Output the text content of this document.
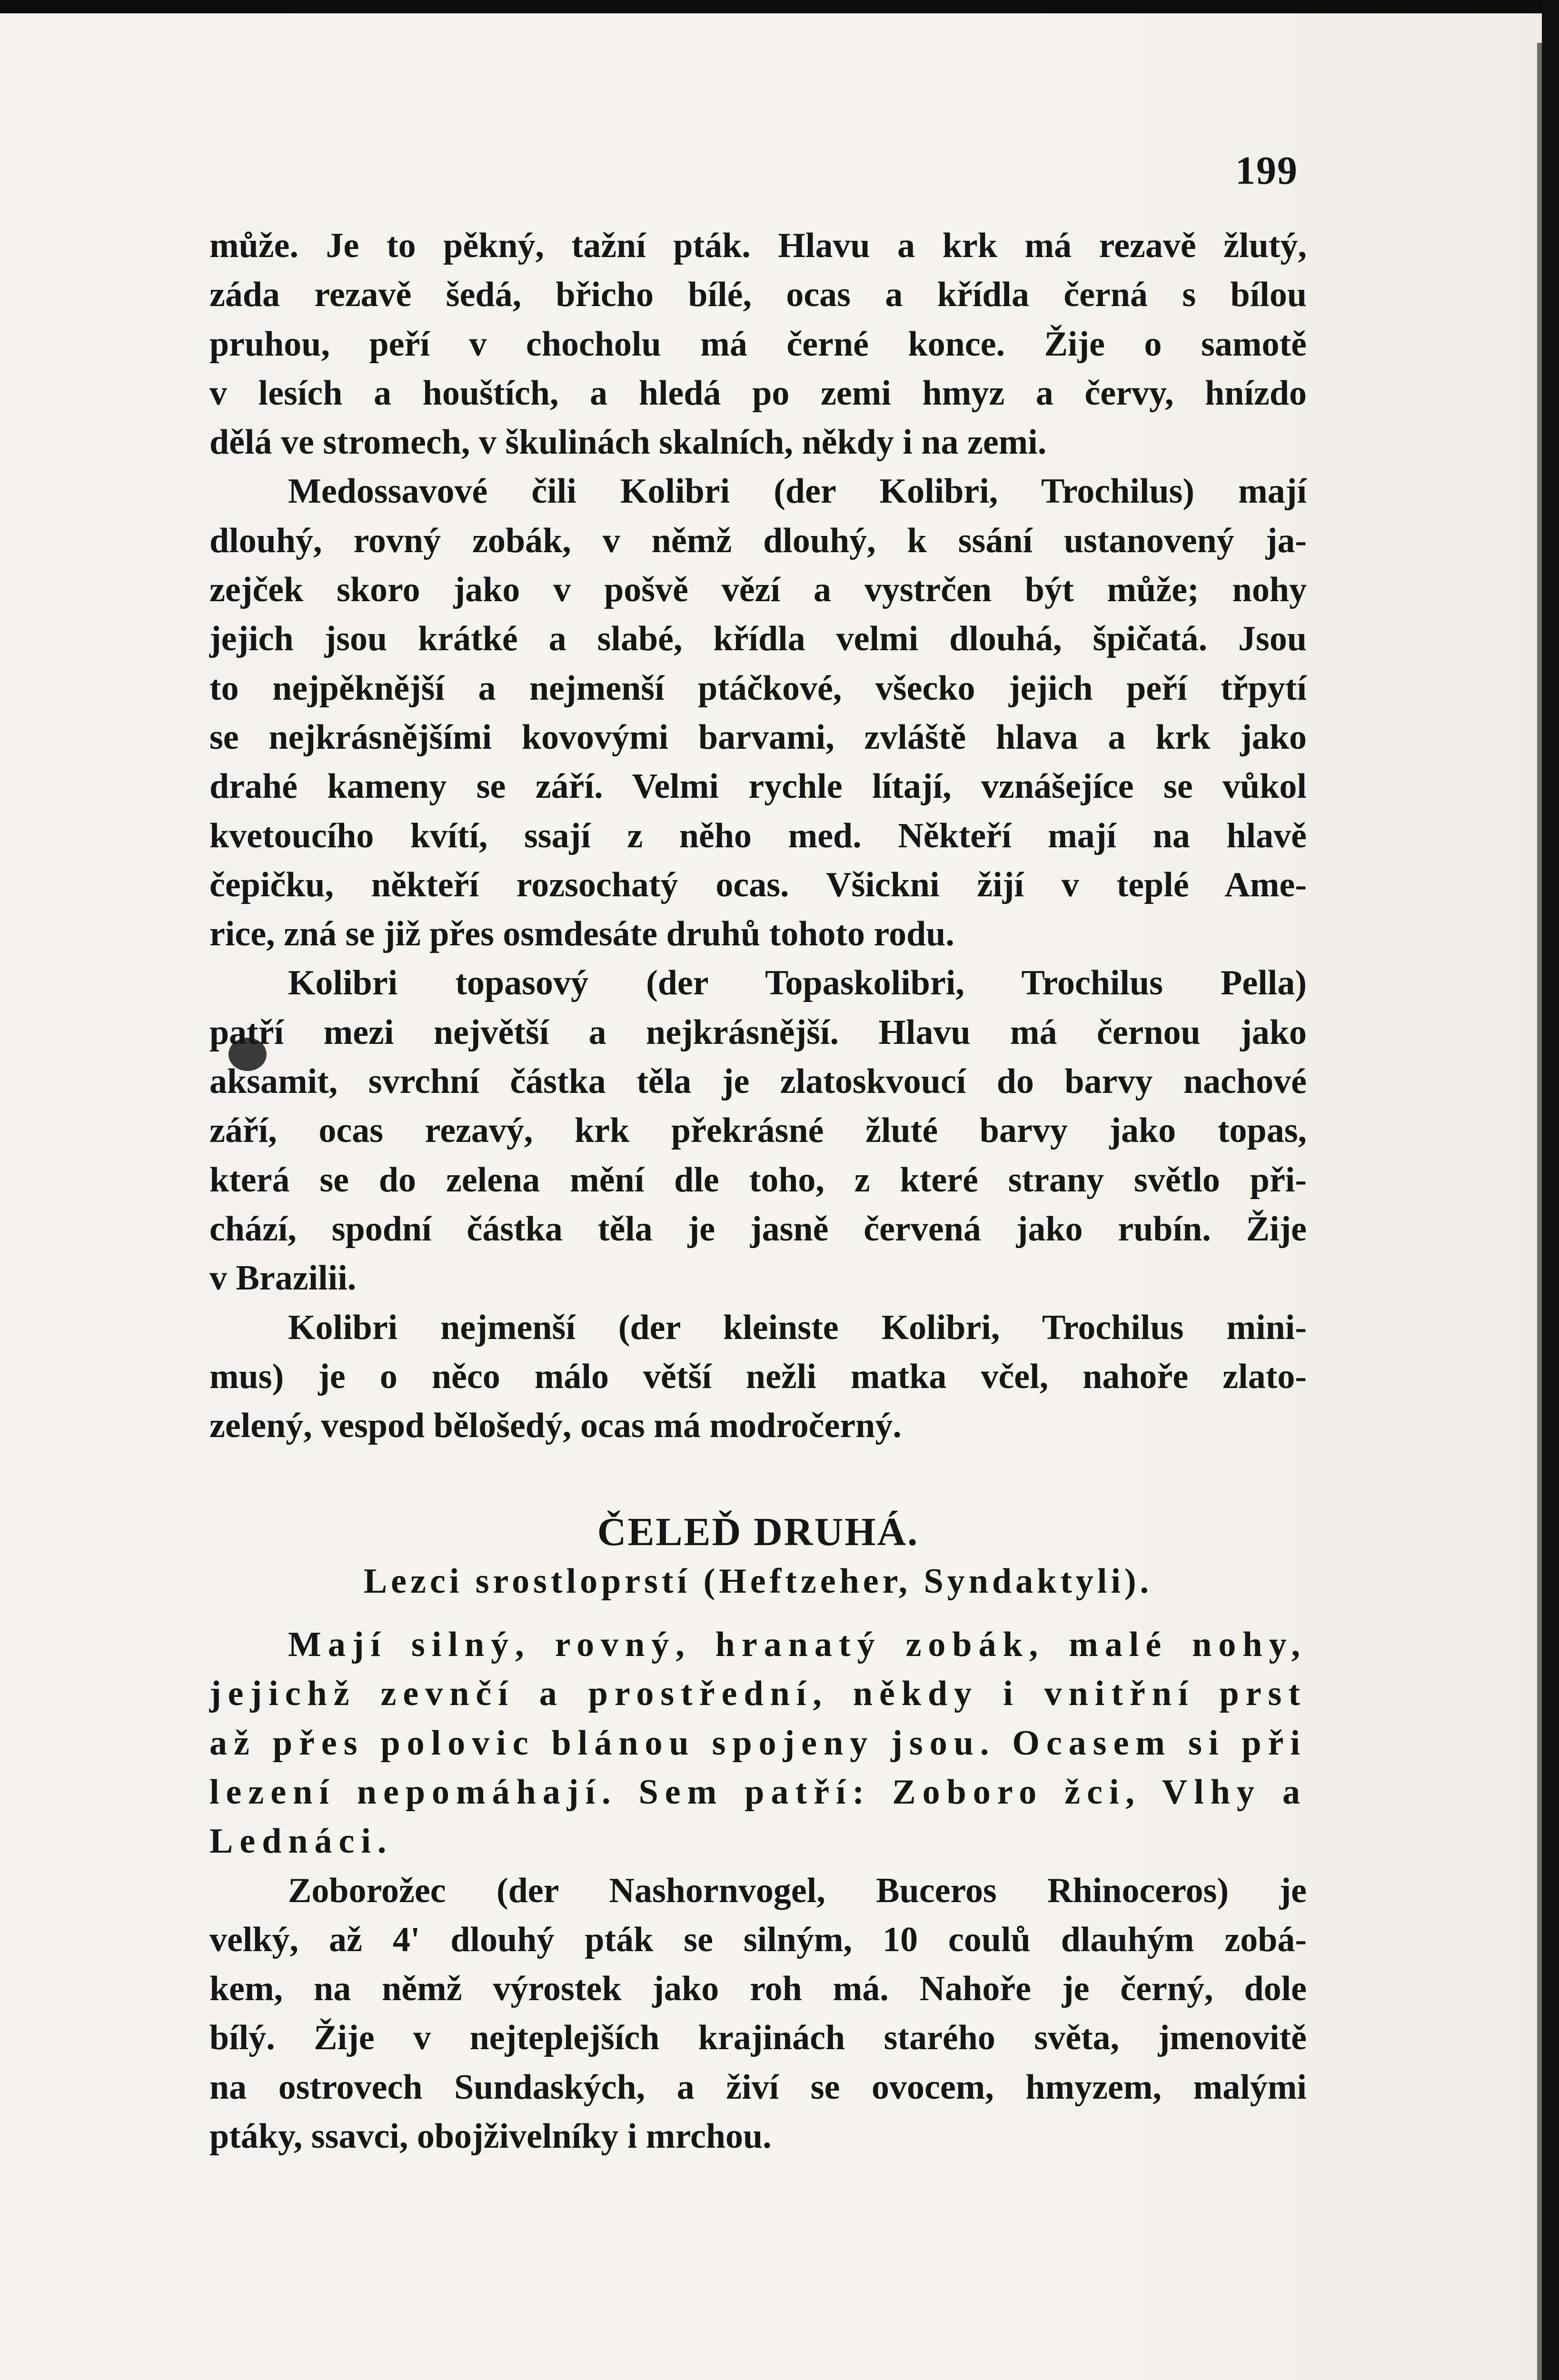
199
může. Je to pěkný, tažní pták. Hlavu a krk má rezavě žlutý,
záda rezavě šedá, břicho bílé, ocas a křídla černá s bílou
pruhou, peří v chocholu má černé konce. Žije o samotě
v lesích a houštích, a hledá po zemi hmyz a červy, hnízdo
dělá ve stromech, v škulinách skalních, někdy i na zemi.
Medossavové čili Kolibri (der Kolibri, Trochilus) mají
dlouhý, rovný zobák, v němž dlouhý, k ssání ustanovený ja-
zejček skoro jako v pošvě vězí a vystrčen být může; nohy
jejich jsou krátké a slabé, křídla velmi dlouhá, špičatá. Jsou
to nejpěknější a nejmenší ptáčkové, všecko jejich peří třpytí
se nejkrásnějšími kovovými barvami, zvláště hlava a krk jako
drahé kameny se září. Velmi rychle lítají, vznášejíce se vůkol
kvetoucího kvítí, ssají z něho med. Někteří mají na hlavě
čepičku, někteří rozsochatý ocas. Všickni žijí v teplé Ame-
rice, zná se již přes osmdesáte druhů tohoto rodu.
Kolibri topasový (der Topaskolibri, Trochilus Pella)
patří mezi největší a nejkrásnější. Hlavu má černou jako
aksamit, svrchní částka těla je zlatoskvoucí do barvy nachové
září, ocas rezavý, krk překrásné žluté barvy jako topas,
která se do zelena mění dle toho, z které strany světlo při-
chází, spodní částka těla je jasně červená jako rubín. Žije
v Brazilii.
Kolibri nejmenší (der kleinste Kolibri, Trochilus mini-
mus) je o něco málo větší nežli matka včel, nahoře zlato-
zelený, vespod bělošedý, ocas má modročerný.
ČELEĎ DRUHÁ.
Lezci srostloprstí (Heftzeher, Syndaktyli).
Mají silný, rovný, hranatý zobák, malé nohy,
jejichž zevnčí a prostřední, někdy i vnitřní prst
až přes polovic blánou spojeny jsou. Ocasem si při
lezení nepomáhají. Sem patří: Zoboro žci, Vlhy a
Lednáci.
Zoborožec (der Nashornvogel, Buceros Rhinoceros) je
velký, až 4' dlouhý pták se silným, 10 coulů dlauhým zobá-
kem, na němž výrostek jako roh má. Nahoře je černý, dole
bílý. Žije v nejteplejších krajinách starého světa, jmenovitě
na ostrovech Sundaských, a živí se ovocem, hmyzem, malými
ptáky, ssavci, obojživelníky i mrchou.
